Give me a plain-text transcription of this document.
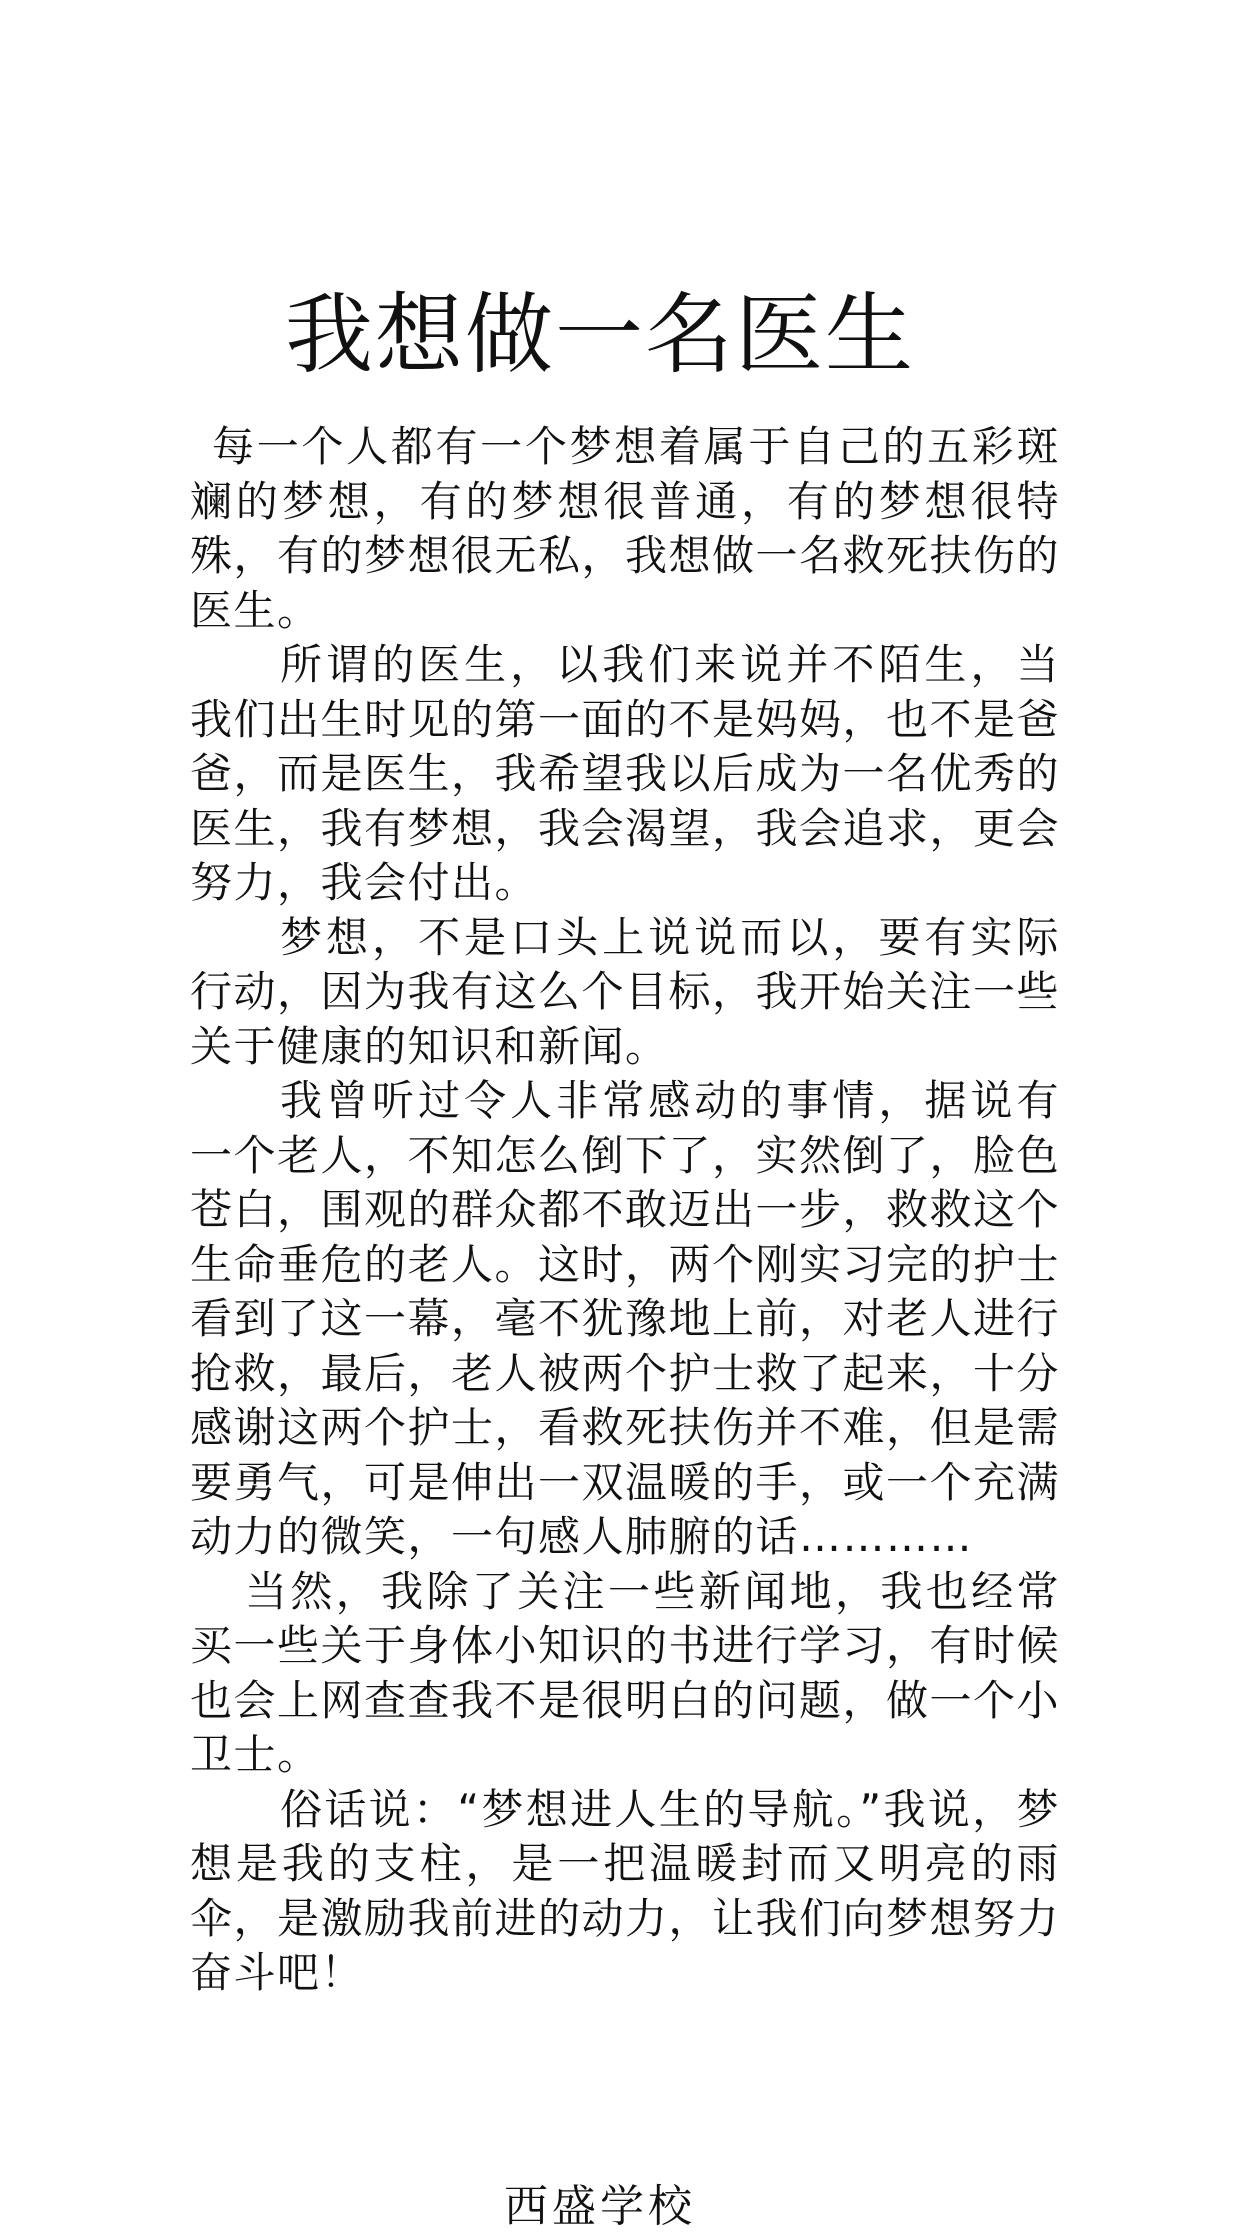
我想做一名医生

每一个人都有一个梦想着属于自己的五彩斑斓的梦想，有的梦想很普通，有的梦想很特殊，有的梦想很无私，我想做一名救死扶伤的医生。

所谓的医生，以我们来说并不陌生，当我们出生时见的第一面的不是妈妈，也不是爸爸，而是医生，我希望我以后成为一名优秀的医生，我有梦想，我会渴望，我会追求，更会努力，我会付出。

梦想，不是口头上说说而以，要有实际行动，因为我有这么个目标，我开始关注一些关于健康的知识和新闻。

我曾听过令人非常感动的事情，据说有一个老人，不知怎么倒下了，实然倒了，脸色苍白，围观的群众都不敢迈出一步，救救这个生命垂危的老人。这时，两个刚实习完的护士看到了这一幕，毫不犹豫地上前，对老人进行抢救，最后，老人被两个护士救了起来，十分感谢这两个护士，看救死扶伤并不难，但是需要勇气，可是伸出一双温暖的手，或一个充满动力的微笑，一句感人肺腑的话…………

当然，我除了关注一些新闻地，我也经常买一些关于身体小知识的书进行学习，有时候也会上网查查我不是很明白的问题，做一个小卫士。

俗话说：“梦想进人生的导航。”我说，梦想是我的支柱，是一把温暖封而又明亮的雨伞，是激励我前进的动力，让我们向梦想努力奋斗吧！

西盛学校
